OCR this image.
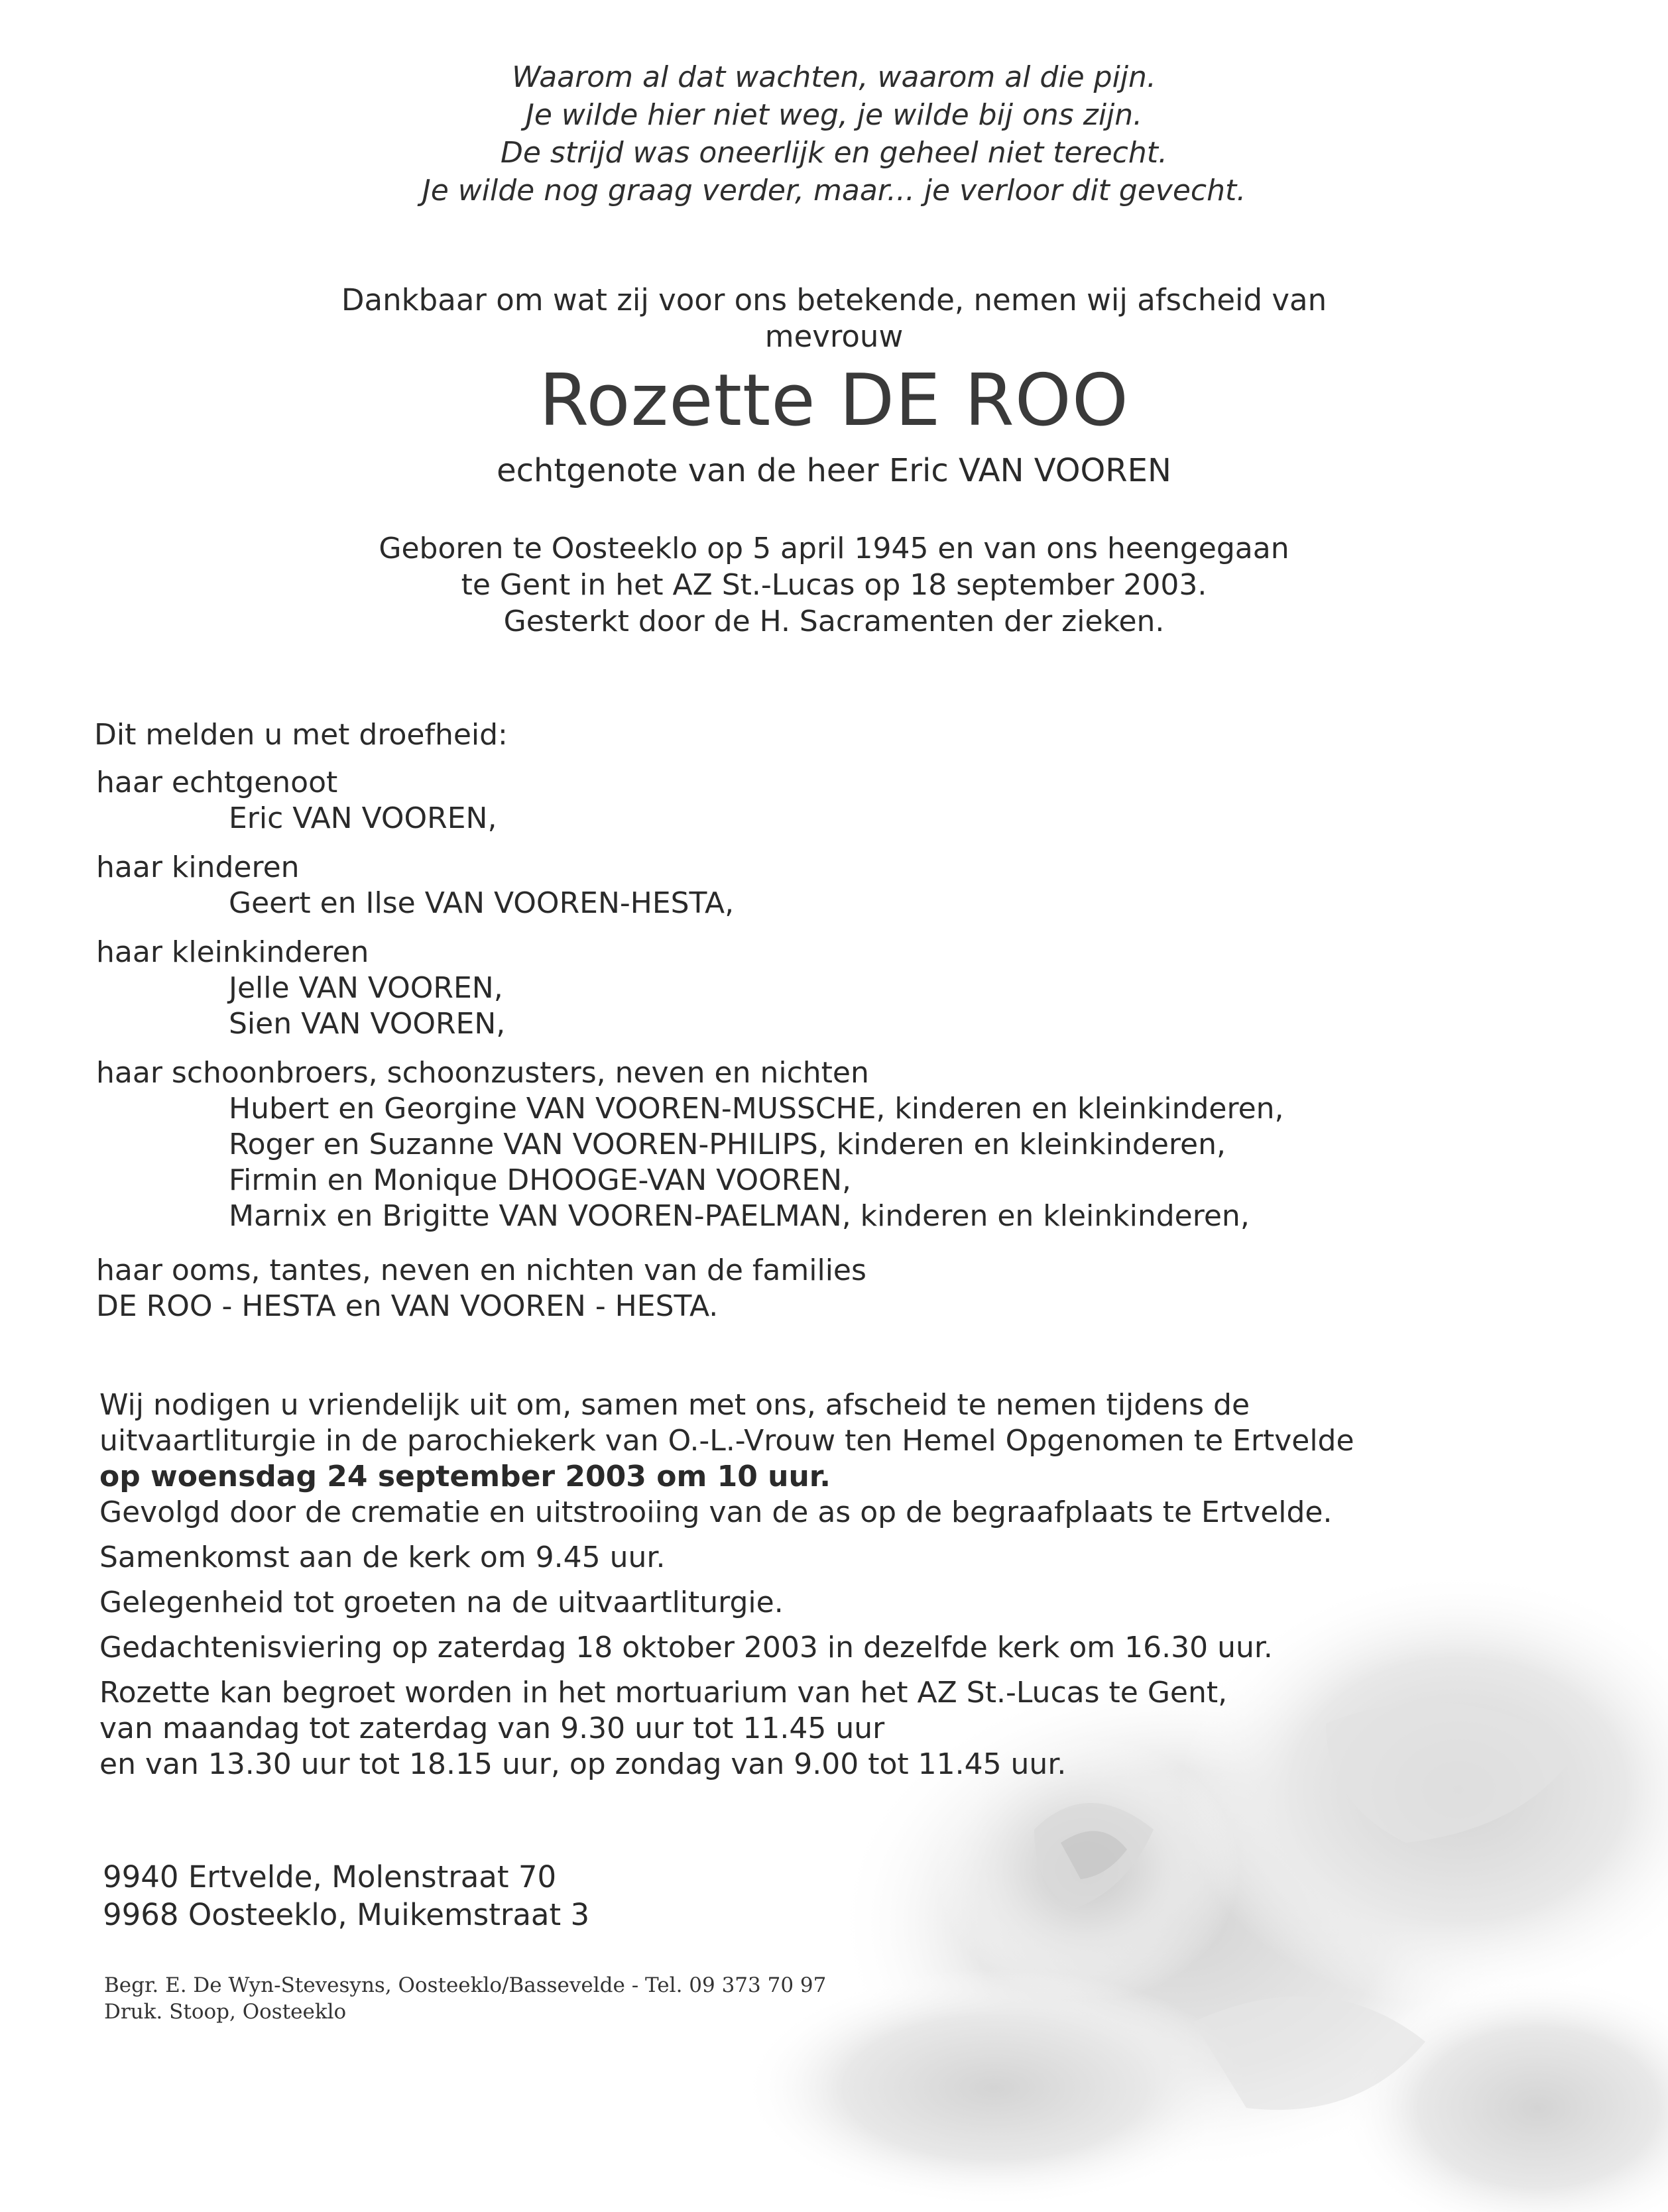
Waarom al dat wachten, waarom al die pijn.
Je wilde hier niet weg, je wilde bij ons zijn.
De strijd was oneerlijk en geheel niet terecht.
Je wilde nog graag verder, maar... je verloor dit gevecht.
Dankbaar om wat zij voor ons betekende, nemen wij afscheid van
mevrouw
Rozette DE ROO
echtgenote van de heer Eric VAN VOOREN
Geboren te Oosteeklo op 5 april 1945 en van ons heengegaan
te Gent in het AZ St.-Lucas op 18 september 2003.
Gesterkt door de H. Sacramenten der zieken.
Dit melden u met droefheid:
haar echtgenoot
Eric VAN VOOREN,
haar kinderen
Geert en Ilse VAN VOOREN-HESTA,
haar kleinkinderen
Jelle VAN VOOREN,
Sien VAN VOOREN,
haar schoonbroers, schoonzusters, neven en nichten
Hubert en Georgine VAN VOOREN-MUSSCHE, kinderen en kleinkinderen,
Roger en Suzanne VAN VOOREN-PHILIPS, kinderen en kleinkinderen,
Firmin en Monique DHOOGE-VAN VOOREN,
Marnix en Brigitte VAN VOOREN-PAELMAN, kinderen en kleinkinderen,
haar ooms, tantes, neven en nichten van de families
DE ROO - HESTA en VAN VOOREN - HESTA.
Wij nodigen u vriendelijk uit om, samen met ons, afscheid te nemen tijdens de
uitvaartliturgie in de parochiekerk van O.-L.-Vrouw ten Hemel Opgenomen te Ertvelde
op woensdag 24 september 2003 om 10 uur.
Gevolgd door de crematie en uitstrooiing van de as op de begraafplaats te Ertvelde.
Samenkomst aan de kerk om 9.45 uur.
Gelegenheid tot groeten na de uitvaartliturgie.
Gedachtenisviering op zaterdag 18 oktober 2003 in dezelfde kerk om 16.30 uur.
Rozette kan begroet worden in het mortuarium van het AZ St.-Lucas te Gent,
van maandag tot zaterdag van 9.30 uur tot 11.45 uur
en van 13.30 uur tot 18.15 uur, op zondag van 9.00 tot 11.45 uur.
9940 Ertvelde, Molenstraat 70
9968 Oosteeklo, Muikemstraat 3
Begr. E. De Wyn-Stevesyns, Oosteeklo/Bassevelde - Tel. 09 373 70 97
Druk. Stoop, Oosteeklo
